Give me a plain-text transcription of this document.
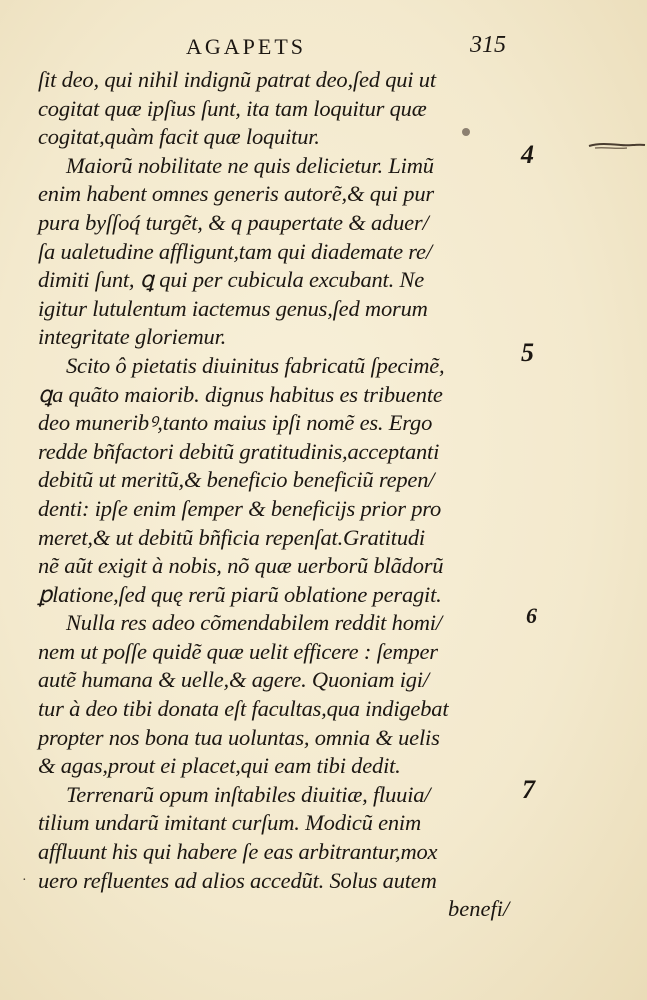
AGAPETS	315
ſit deo, qui nihil indignũ patrat deo,ſed qui ut
cogitat quæ ipſius ſunt, ita tam loquitur quæ
cogitat,quàm facit quæ loquitur.
Maiorũ nobilitate ne quis delicietur. Limũ
enim habent omnes generis autorẽ,& qui pur
pura byſſoq́ turgẽt, & q paupertate & aduer/
ſa ualetudine affligunt,tam qui diademate re/
dimiti ſunt, ꝗ qui per cubicula excubant. Ne
igitur lutulentum iactemus genus,ſed morum
integritate gloriemur.
Scito ô pietatis diuinitus fabricatũ ſpecimẽ,
ꝗa quãto maiorib. dignus habitus es tribuente
deo muneribꝰ,tanto maius ipſi nomẽ es. Ergo
redde bñfactori debitũ gratitudinis,acceptanti
debitũ ut meritũ,& beneficio beneficiũ repen/
denti: ipſe enim ſemper & beneficijs prior pro
meret,& ut debitũ bñficia repenſat.Gratitudi
nẽ aũt exigit à nobis, nõ quæ uerborũ blãdorũ
ꝑlatione,ſed quę rerũ piarũ oblatione peragit.
Nulla res adeo cõmendabilem reddit homi/
nem ut poſſe quidẽ quæ uelit efficere : ſemper
autẽ humana & uelle,& agere. Quoniam igi/
tur à deo tibi donata eſt facultas,qua indigebat
propter nos bona tua uoluntas, omnia & uelis
& agas,prout ei placet,qui eam tibi dedit.
Terrenarũ opum inſtabiles diuitiæ, fluuia/
tilium undarũ imitant curſum. Modicũ enim
affluunt his qui habere ſe eas arbitrantur,mox
uero refluentes ad alios accedũt. Solus autem
benefi/
4
5
6
7
·
